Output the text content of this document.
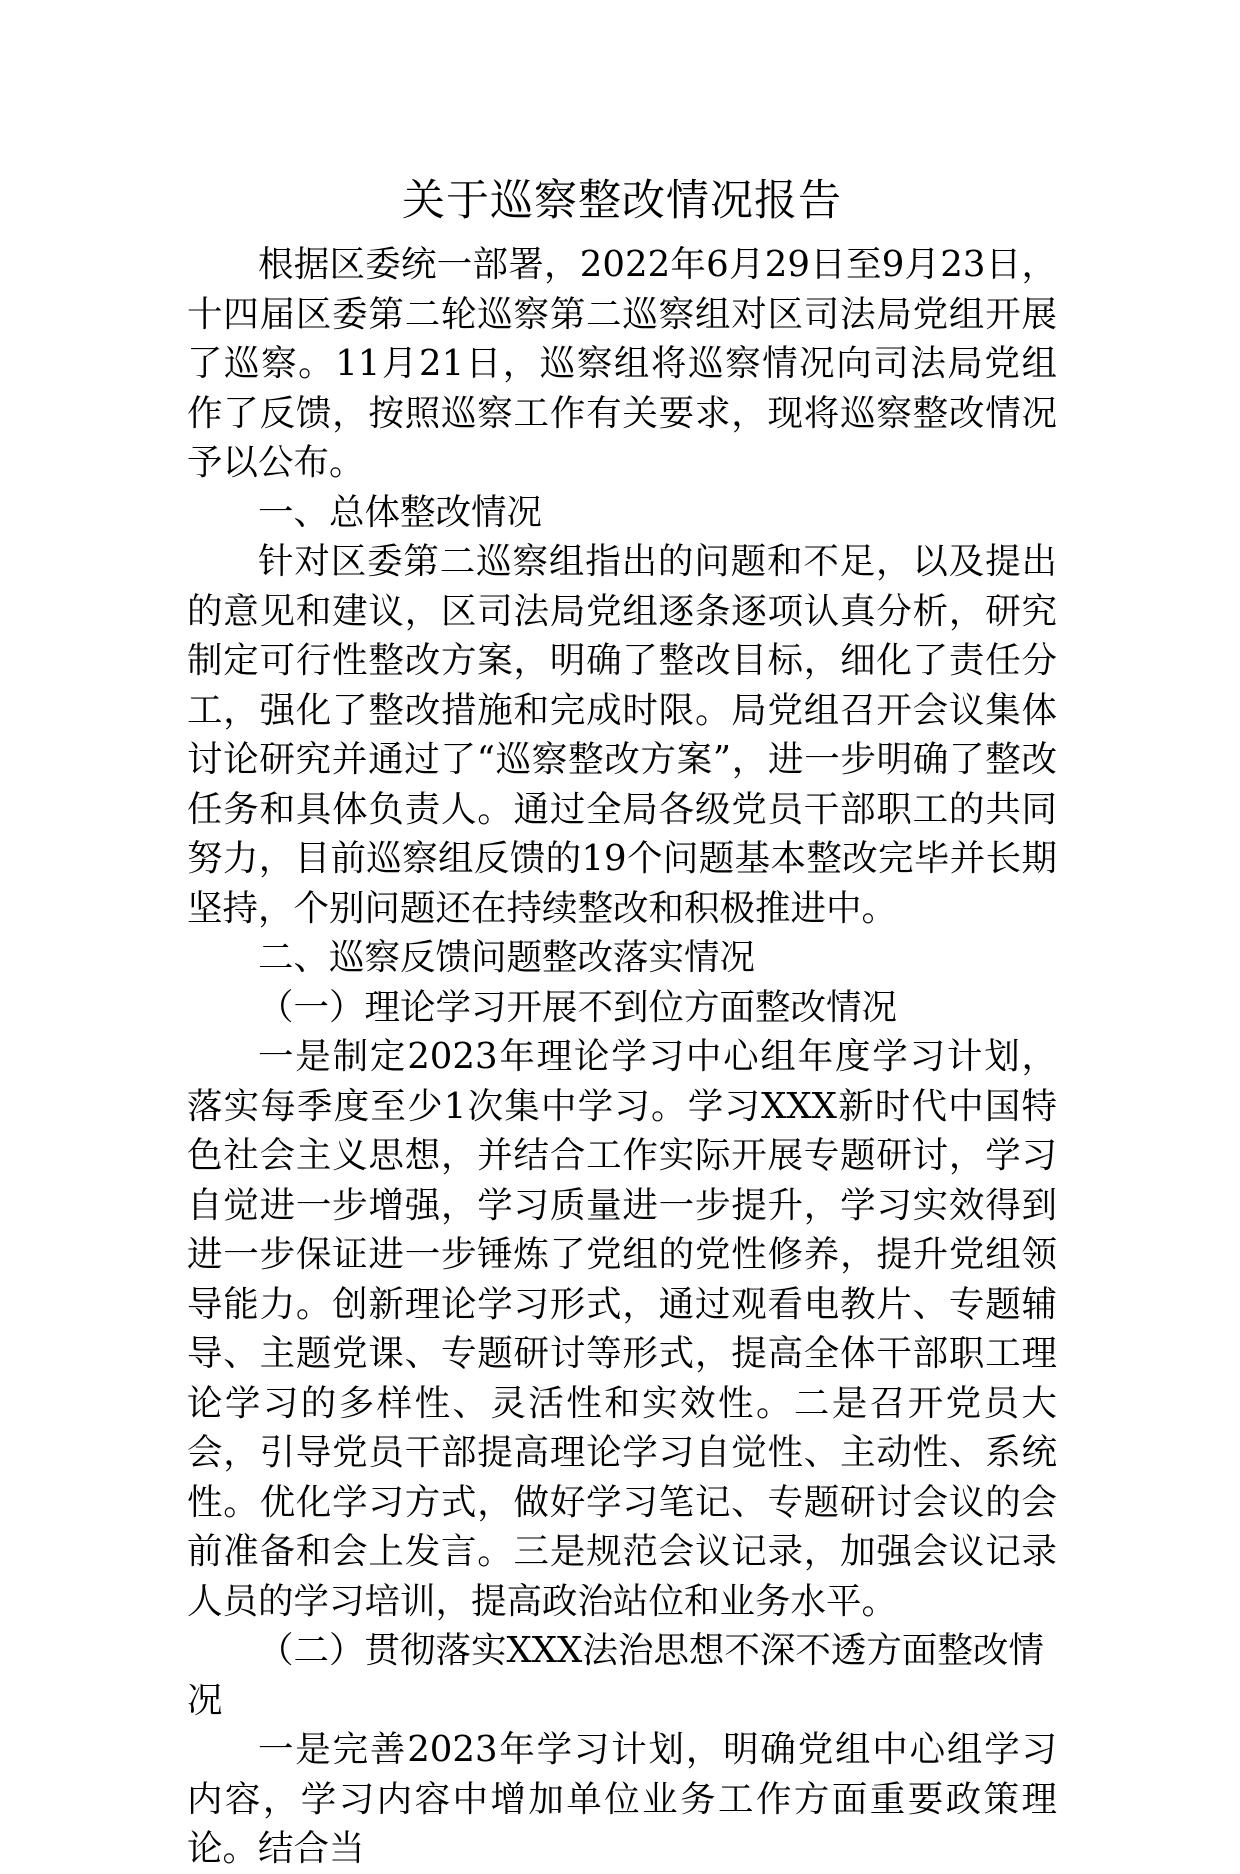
关于巡察整改情况报告

根据区委统一部署，2022年6月29日至9月23日，十四届区委第二轮巡察第二巡察组对区司法局党组开展了巡察。11月21日，巡察组将巡察情况向司法局党组作了反馈，按照巡察工作有关要求，现将巡察整改情况予以公布。

一、总体整改情况

针对区委第二巡察组指出的问题和不足，以及提出的意见和建议，区司法局党组逐条逐项认真分析，研究制定可行性整改方案，明确了整改目标，细化了责任分工，强化了整改措施和完成时限。局党组召开会议集体讨论研究并通过了“巡察整改方案”，进一步明确了整改任务和具体负责人。通过全局各级党员干部职工的共同努力，目前巡察组反馈的19个问题基本整改完毕并长期坚持，个别问题还在持续整改和积极推进中。

二、巡察反馈问题整改落实情况

（一）理论学习开展不到位方面整改情况

一是制定2023年理论学习中心组年度学习计划，落实每季度至少1次集中学习。学习XXX新时代中国特色社会主义思想，并结合工作实际开展专题研讨，学习自觉进一步增强，学习质量进一步提升，学习实效得到进一步保证进一步锤炼了党组的党性修养，提升党组领导能力。创新理论学习形式，通过观看电教片、专题辅导、主题党课、专题研讨等形式，提高全体干部职工理论学习的多样性、灵活性和实效性。二是召开党员大会，引导党员干部提高理论学习自觉性、主动性、系统性。优化学习方式，做好学习笔记、专题研讨会议的会前准备和会上发言。三是规范会议记录，加强会议记录人员的学习培训，提高政治站位和业务水平。

（二）贯彻落实XXX法治思想不深不透方面整改情况

一是完善2023年学习计划，明确党组中心组学习内容，学习内容中增加单位业务工作方面重要政策理论。结合当
